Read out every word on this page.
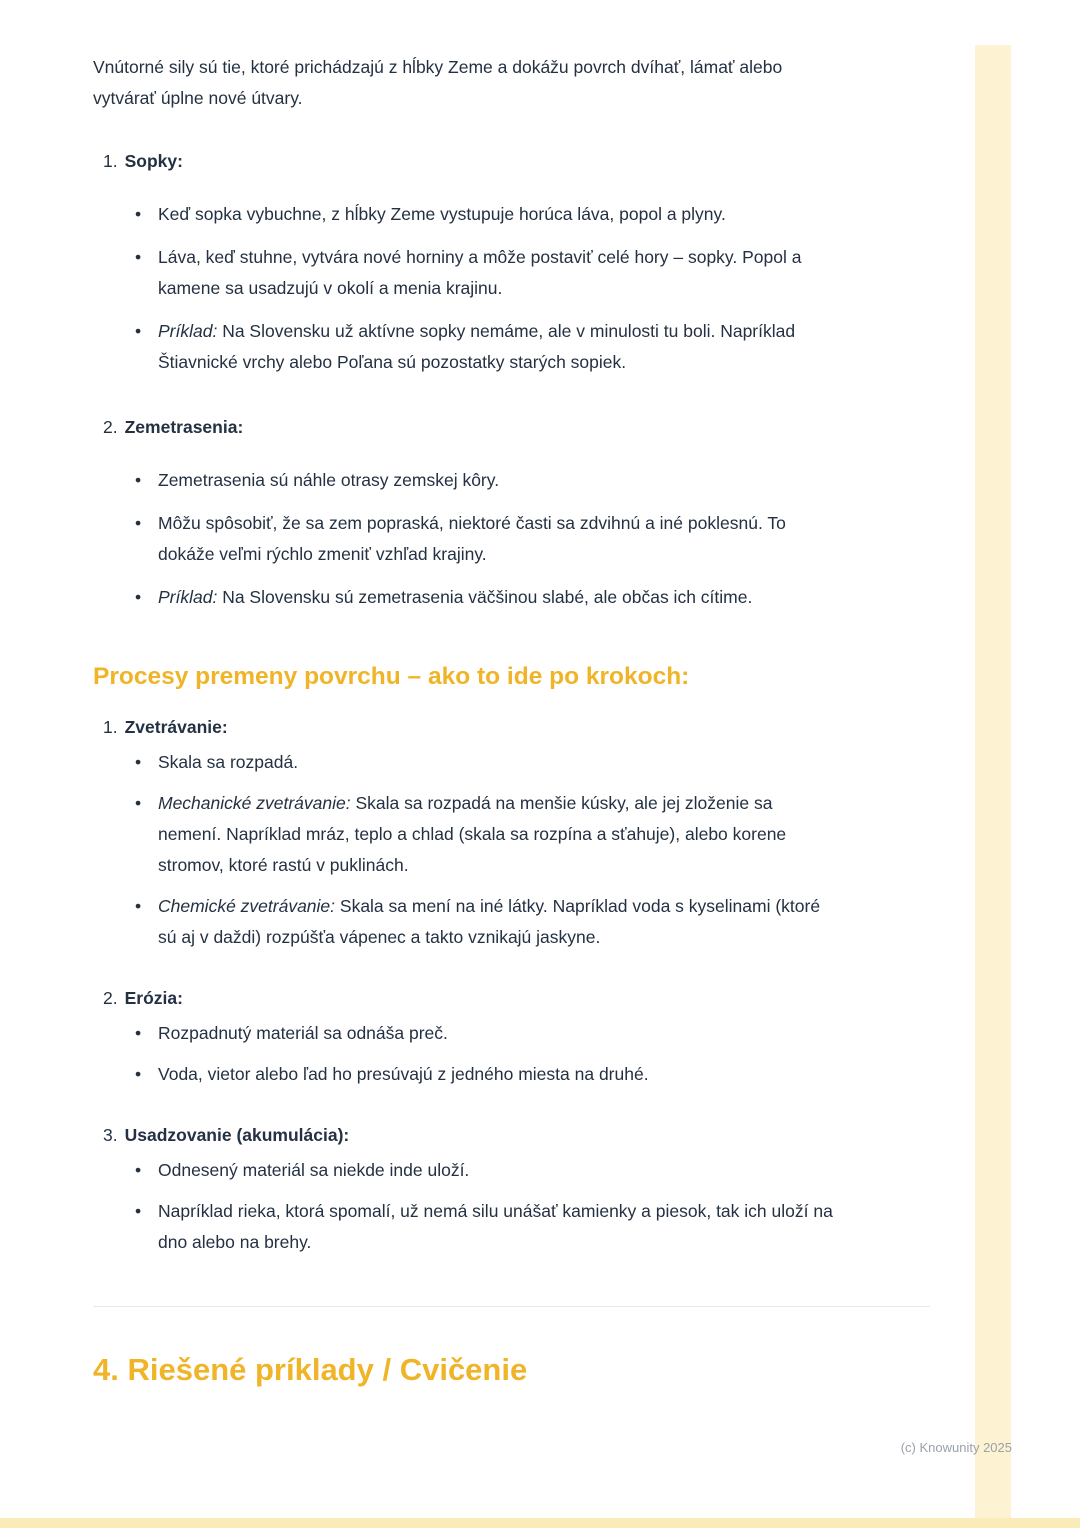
Vnútorné sily sú tie, ktoré prichádzajú z hĺbky Zeme a dokážu povrch dvíhať, lámať alebo vytvárať úplne nové útvary.

1. Sopky:
• Keď sopka vybuchne, z hĺbky Zeme vystupuje horúca láva, popol a plyny.
• Láva, keď stuhne, vytvára nové horniny a môže postaviť celé hory – sopky. Popol a kamene sa usadzujú v okolí a menia krajinu.
• Príklad: Na Slovensku už aktívne sopky nemáme, ale v minulosti tu boli. Napríklad Štiavnické vrchy alebo Poľana sú pozostatky starých sopiek.
2. Zemetrasenia:
• Zemetrasenia sú náhle otrasy zemskej kôry.
• Môžu spôsobiť, že sa zem popraská, niektoré časti sa zdvihnú a iné poklesnú. To dokáže veľmi rýchlo zmeniť vzhľad krajiny.
• Príklad: Na Slovensku sú zemetrasenia väčšinou slabé, ale občas ich cítime.
Procesy premeny povrchu – ako to ide po krokoch:
1. Zvetrávanie:
• Skala sa rozpadá.
• Mechanické zvetrávanie: Skala sa rozpadá na menšie kúsky, ale jej zloženie sa nemení. Napríklad mráz, teplo a chlad (skala sa rozpína a sťahuje), alebo korene stromov, ktoré rastú v puklinách.
• Chemické zvetrávanie: Skala sa mení na iné látky. Napríklad voda s kyselinami (ktoré sú aj v daždi) rozpúšťa vápenec a takto vznikajú jaskyne.
2. Erózia:
• Rozpadnutý materiál sa odnáša preč.
• Voda, vietor alebo ľad ho presúvajú z jedného miesta na druhé.
3. Usadzovanie (akumulácia):
• Odnesený materiál sa niekde inde uloží.
• Napríklad rieka, ktorá spomalí, už nemá silu unášať kamienky a piesok, tak ich uloží na dno alebo na brehy.
4. Riešené príklady / Cvičenie
(c) Knowunity 2025
